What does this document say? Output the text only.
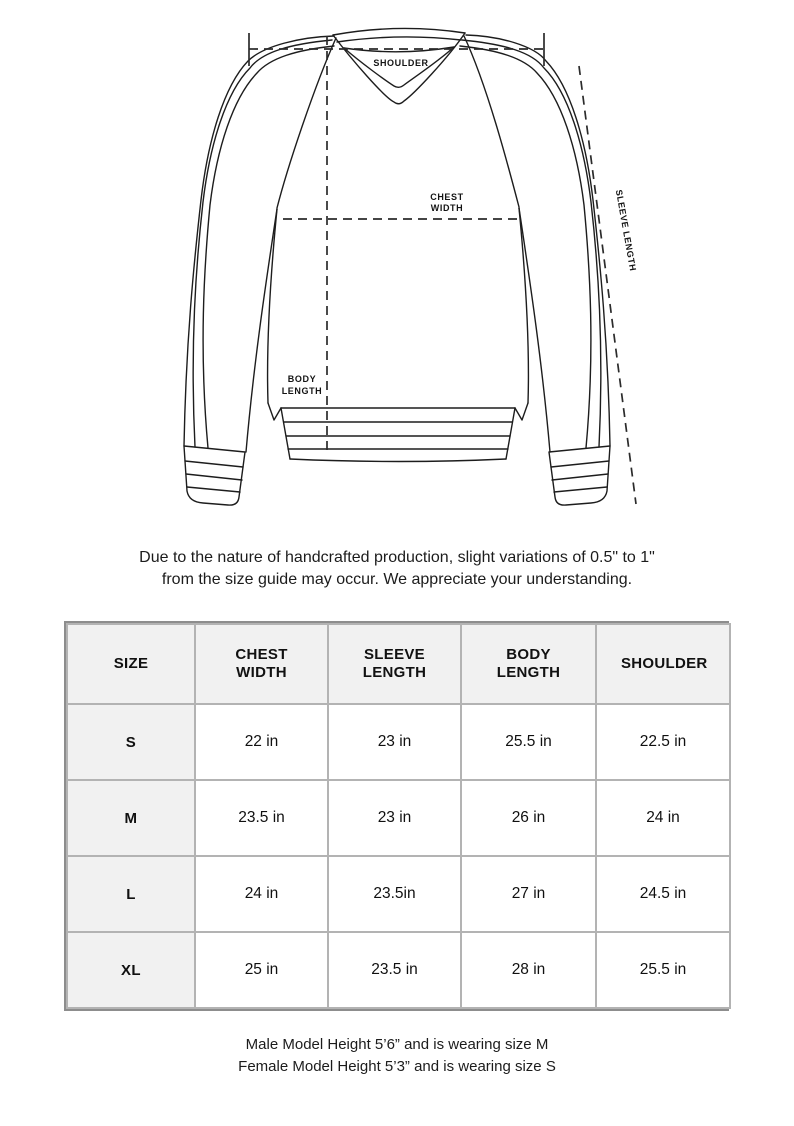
SHOULDER
CHEST
WIDTH
BODY
LENGTH
SLEEVE LENGTH
Due to the nature of handcrafted production, slight variations of 0.5" to 1"
from the size guide may occur. We appreciate your understanding.
SIZE	CHEST WIDTH	SLEEVE LENGTH	BODY LENGTH	SHOULDER

S	22 in	23 in	25.5 in	22.5 in
M	23.5 in	23 in	26 in	24 in
L	24 in	23.5in	27 in	24.5 in
XL	25 in	23.5 in	28 in	25.5 in
Male Model Height 5’6” and is wearing size M
Female Model Height 5’3” and is wearing size S
